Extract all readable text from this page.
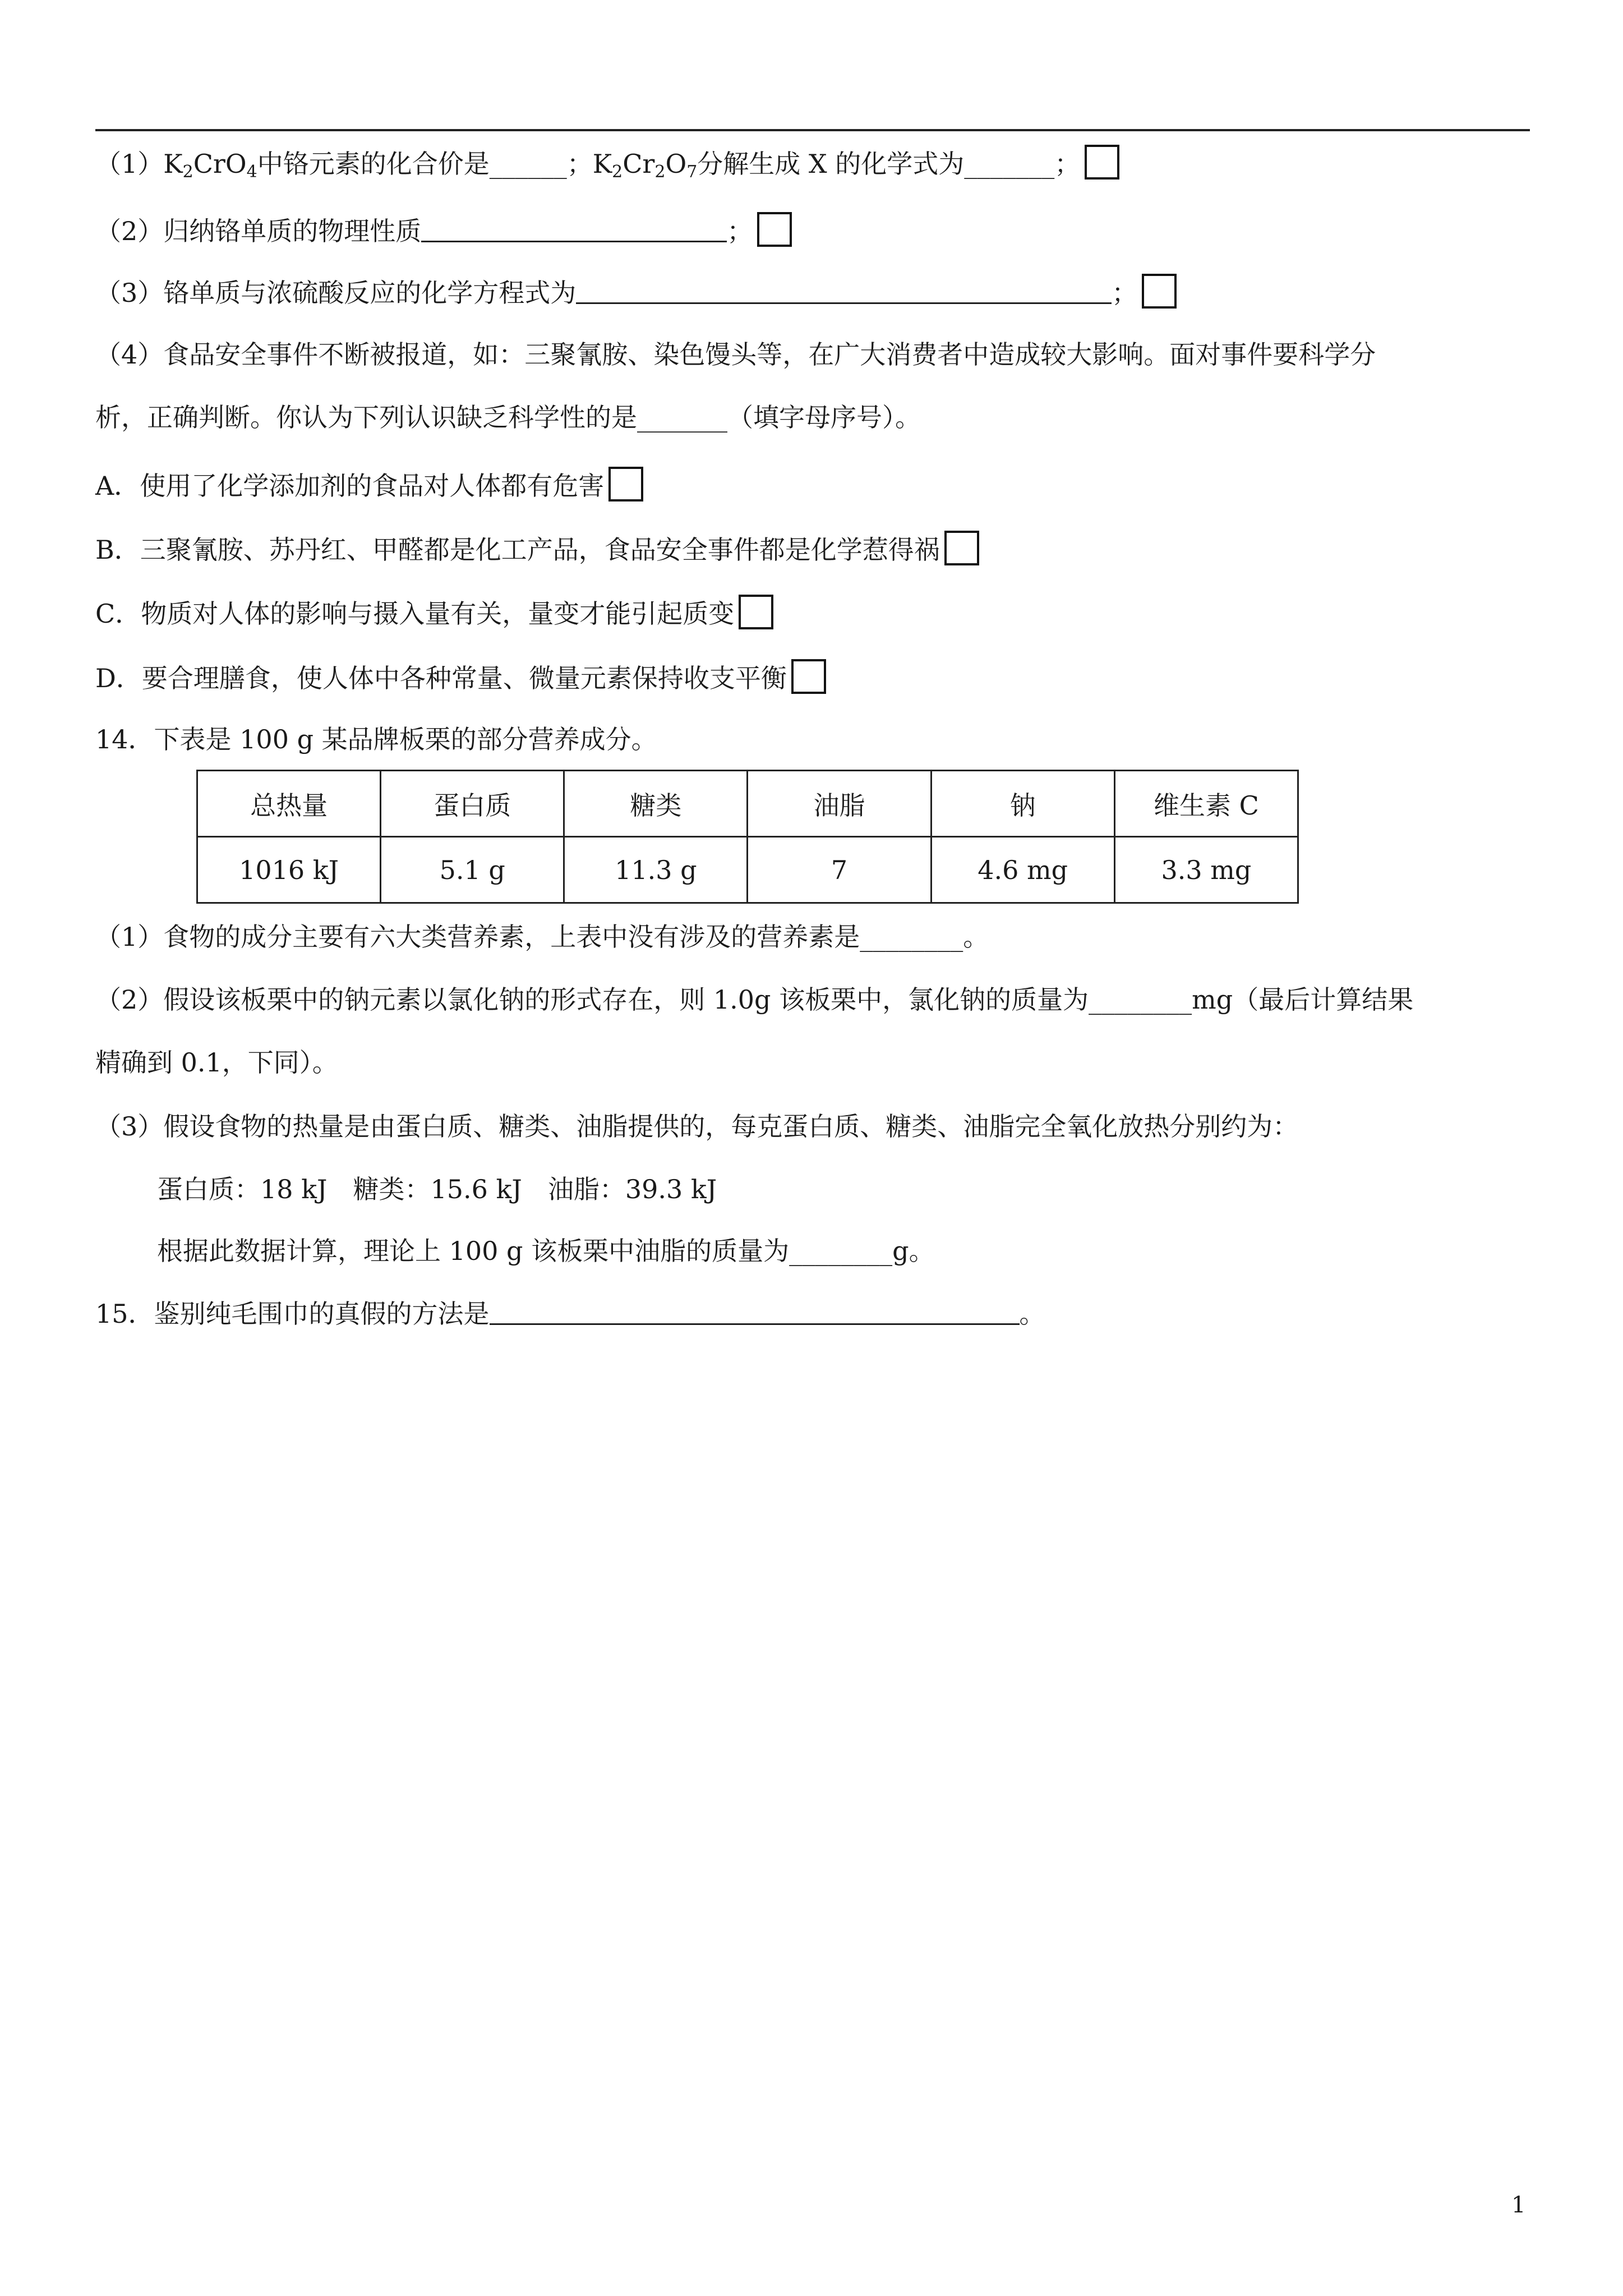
$(1)K_2CrO_4$中铬元素的化合价是______；$K_2Cr_2O_7$分解生成 X 的化学式为_______；
（2）归纳铬单质的物理性质	；
（3）铬单质与浓硫酸反应的化学方程式为	；
（4）食品安全事件不断被报道，如：三聚氰胺、染色馒头等，在广大消费者中造成较大影响。面对事件要科学分
析，正确判断。你认为下列认识缺乏科学性的是_______（填字母序号）。
A．使用了化学添加剂的食品对人体都有危害
B．三聚氰胺、苏丹红、甲醛都是化工产品，食品安全事件都是化学惹得祸
C．物质对人体的影响与摄入量有关，量变才能引起质变
D．要合理膳食，使人体中各种常量、微量元素保持收支平衡
14．下表是 100 g 某品牌板栗的部分营养成分。
总热量	蛋白质	糖类	油脂	钠	维生素 C
1016 kJ	5.1 g	11.3 g	7	4.6 mg	3.3 mg
（1）食物的成分主要有六大类营养素，上表中没有涉及的营养素是________。
（2）假设该板栗中的钠元素以氯化钠的形式存在，则 1.0g 该板栗中，氯化钠的质量为________mg（最后计算结果
精确到 0.1，下同）。
（3）假设食物的热量是由蛋白质、糖类、油脂提供的，每克蛋白质、糖类、油脂完全氧化放热分别约为：
蛋白质：18 kJ　糖类：15.6 kJ　油脂：39.3 kJ
根据此数据计算，理论上 100 g 该板栗中油脂的质量为________g。
15．鉴别纯毛围巾的真假的方法是	。
1
